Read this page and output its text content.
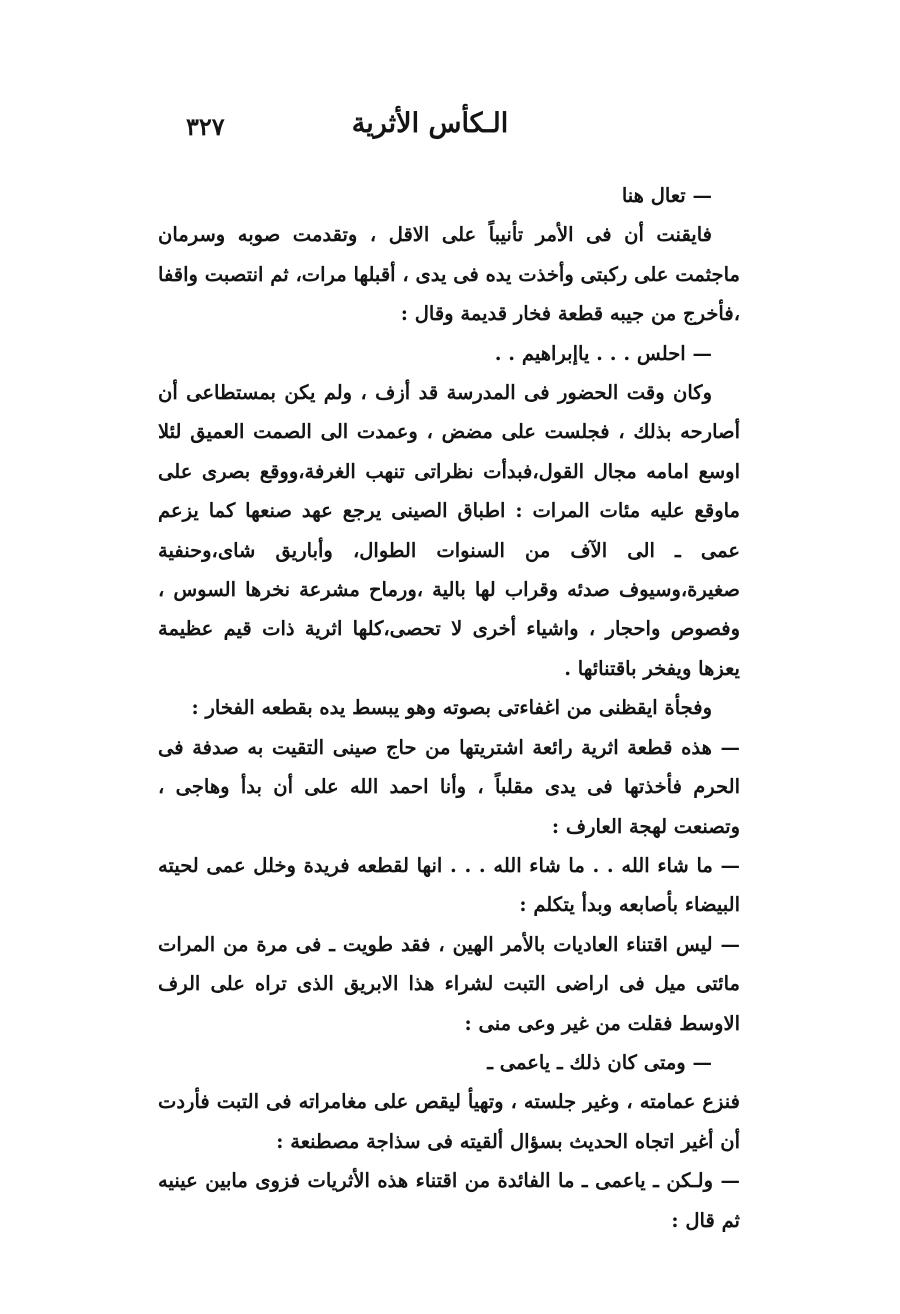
الـكأس الأثرية
٣٢٧

— تعال هنا

فايقنت أن فى الأمر تأنيباً على الاقل ، وتقدمت صوبه وسرمان ماجثمت على ركبتى وأخذت يده فى يدى ، أقبلها مرات، ثم انتصبت واقفا ،فأخرج من جيبه قطعة فخار قديمة وقال :

— احلس . . . ياإبراهيم . .

وكان وقت الحضور فى المدرسة قد أزف ، ولم يكن بمستطاعى أن أصارحه بذلك ، فجلست على مضض ، وعمدت الى الصمت العميق لئلا اوسع امامه مجال القول،فبدأت نظراتى تنهب الغرفة،ووقع بصرى على ماوقع عليه مئات المرات : اطباق الصينى يرجع عهد صنعها كما يزعم عمى ـ الى الآف من السنوات الطوال، وأباريق شاى،وحنفية صغيرة،وسيوف صدئه وقراب لها بالية ،ورماح مشرعة نخرها السوس ، وفصوص واحجار ، واشياء أخرى لا تحصى،كلها اثرية ذات قيم عظيمة يعزها ويفخر باقتنائها .

وفجأة ايقظنى من اغفاءتى بصوته وهو يبسط يده بقطعه الفخار :

— هذه قطعة اثرية رائعة اشتريتها من حاج صينى التقيت به صدفة فى الحرم فأخذتها فى يدى مقلباً ، وأنا احمد الله على أن بدأ وهاجى ، وتصنعت لهجة العارف :

— ما شاء الله . . ما شاء الله . . . انها لقطعه فريدة وخلل عمى لحيته البيضاء بأصابعه وبدأ يتكلم :

— ليس اقتناء العاديات بالأمر الهين ، فقد طويت ـ فى مرة من المرات مائتى ميل فى اراضى التبت لشراء هذا الابريق الذى تراه على الرف الاوسط فقلت من غير وعى منى :

— ومتى كان ذلك ـ ياعمى ـ

فنزع عمامته ، وغير جلسته ، وتهيأ ليقص على مغامراته فى التبت فأردت أن أغير اتجاه الحديث بسؤال ألقيته فى سذاجة مصطنعة :

— ولـكن ـ ياعمى ـ ما الفائدة من اقتناء هذه الأثريات فزوى مابين عينيه ثم قال :
